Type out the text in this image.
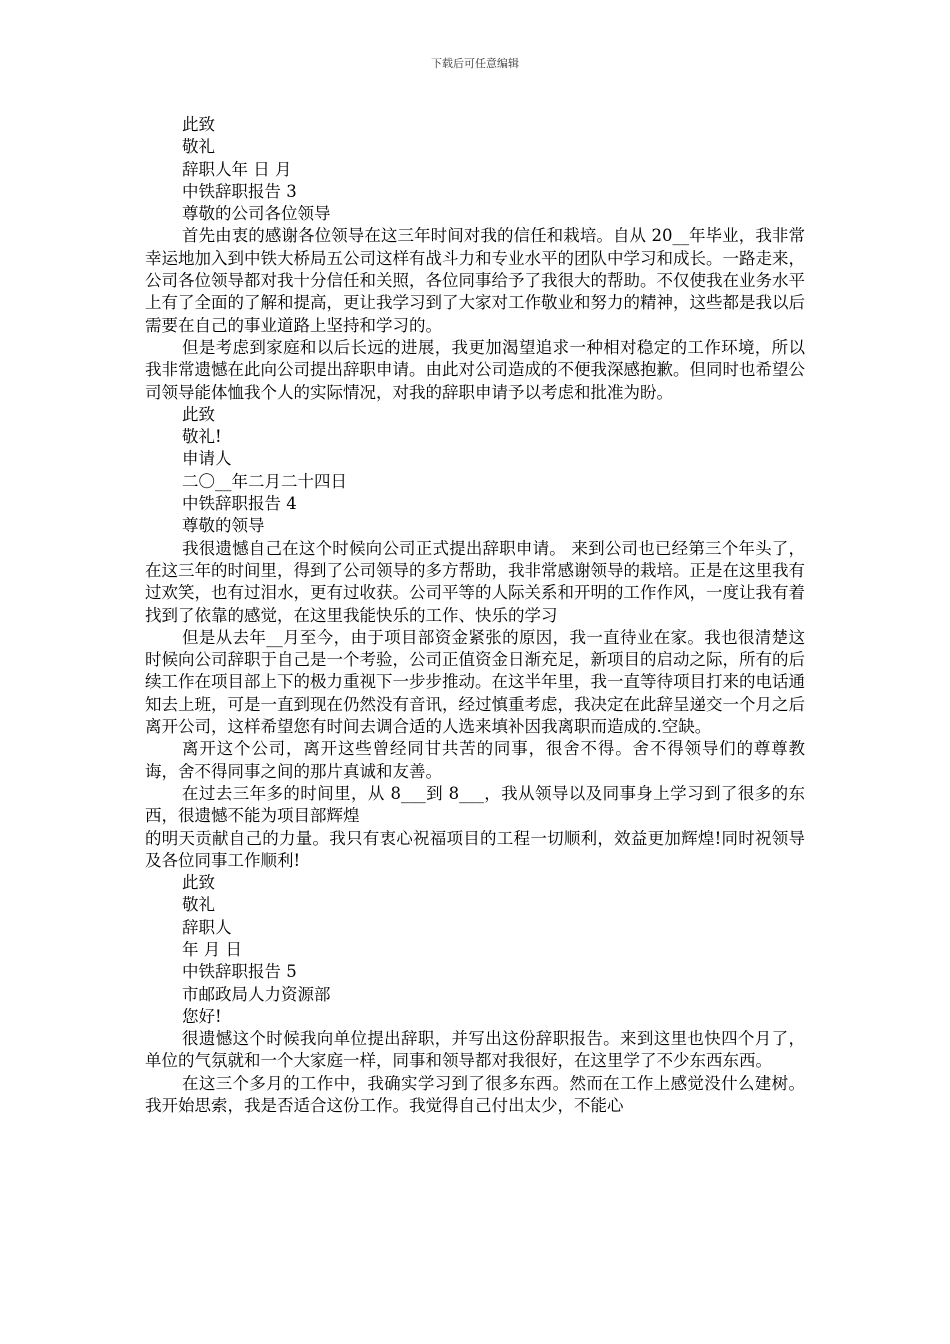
下载后可任意编辑

此致

敬礼

辞职人年 日 月

中铁辞职报告 3

尊敬的公司各位领导

首先由衷的感谢各位领导在这三年时间对我的信任和栽培。自从 20__年毕业，我非常幸运地加入到中铁大桥局五公司这样有战斗力和专业水平的团队中学习和成长。一路走来，公司各位领导都对我十分信任和关照，各位同事给予了我很大的帮助。不仅使我在业务水平上有了全面的了解和提高，更让我学习到了大家对工作敬业和努力的精神，这些都是我以后需要在自己的事业道路上坚持和学习的。

但是考虑到家庭和以后长远的进展，我更加渴望追求一种相对稳定的工作环境，所以我非常遗憾在此向公司提出辞职申请。由此对公司造成的不便我深感抱歉。但同时也希望公司领导能体恤我个人的实际情况，对我的辞职申请予以考虑和批准为盼。

此致

敬礼!

申请人

二〇__年二月二十四日

中铁辞职报告 4

尊敬的领导

我很遗憾自己在这个时候向公司正式提出辞职申请。 来到公司也已经第三个年头了，在这三年的时间里，得到了公司领导的多方帮助，我非常感谢领导的栽培。正是在这里我有过欢笑，也有过泪水，更有过收获。公司平等的人际关系和开明的工作作风，一度让我有着找到了依靠的感觉，在这里我能快乐的工作、快乐的学习

但是从去年__月至今，由于项目部资金紧张的原因，我一直待业在家。我也很清楚这时候向公司辞职于自己是一个考验，公司正值资金日渐充足，新项目的启动之际，所有的后续工作在项目部上下的极力重视下一步步推动。在这半年里，我一直等待项目打来的电话通知去上班，可是一直到现在仍然没有音讯，经过慎重考虑，我决定在此辞呈递交一个月之后离开公司，这样希望您有时间去调合适的人选来填补因我离职而造成的.空缺。

离开这个公司，离开这些曾经同甘共苦的同事，很舍不得。舍不得领导们的尊尊教诲，舍不得同事之间的那片真诚和友善。

在过去三年多的时间里，从 8___到 8___，我从领导以及同事身上学习到了很多的东西，很遗憾不能为项目部辉煌

的明天贡献自己的力量。我只有衷心祝福项目的工程一切顺利，效益更加辉煌!同时祝领导及各位同事工作顺利!

此致

敬礼

辞职人

年 月 日

中铁辞职报告 5

市邮政局人力资源部

您好!

很遗憾这个时候我向单位提出辞职，并写出这份辞职报告。来到这里也快四个月了，单位的气氛就和一个大家庭一样，同事和领导都对我很好，在这里学了不少东西东西。

在这三个多月的工作中，我确实学习到了很多东西。然而在工作上感觉没什么建树。我开始思索，我是否适合这份工作。我觉得自己付出太少，不能心
